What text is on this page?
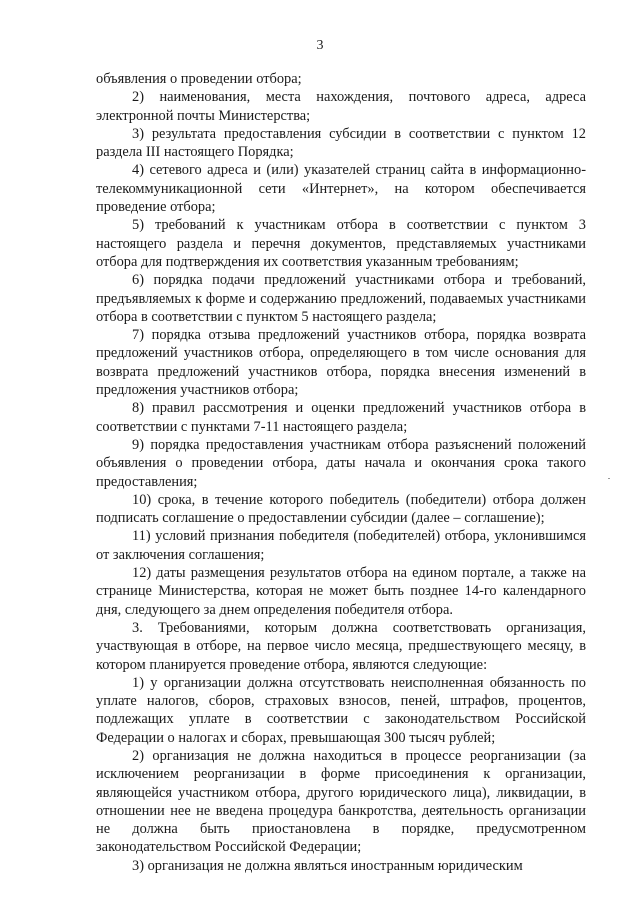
3

объявления о проведении отбора;

2) наименования, места нахождения, почтового адреса, адреса электронной почты Министерства;

3) результата предоставления субсидии в соответствии с пунктом 12 раздела III настоящего Порядка;

4) сетевого адреса и (или) указателей страниц сайта в информационно-телекоммуникационной сети «Интернет», на котором обеспечивается проведение отбора;

5) требований к участникам отбора в соответствии с пунктом 3 настоящего раздела и перечня документов, представляемых участниками отбора для подтверждения их соответствия указанным требованиям;

6) порядка подачи предложений участниками отбора и требований, предъявляемых к форме и содержанию предложений, подаваемых участниками отбора в соответствии с пунктом 5 настоящего раздела;

7) порядка отзыва предложений участников отбора, порядка возврата предложений участников отбора, определяющего в том числе основания для возврата предложений участников отбора, порядка внесения изменений в предложения участников отбора;

8) правил рассмотрения и оценки предложений участников отбора в соответствии с пунктами 7-11 настоящего раздела;

9) порядка предоставления участникам отбора разъяснений положений объявления о проведении отбора, даты начала и окончания срока такого предоставления;

10) срока, в течение которого победитель (победители) отбора должен подписать соглашение о предоставлении субсидии (далее – соглашение);

11) условий признания победителя (победителей) отбора, уклонившимся от заключения соглашения;

12) даты размещения результатов отбора на едином портале, а также на странице Министерства, которая не может быть позднее 14-го календарного дня, следующего за днем определения победителя отбора.

3. Требованиями, которым должна соответствовать организация, участвующая в отборе, на первое число месяца, предшествующего месяцу, в котором планируется проведение отбора, являются следующие:

1) у организации должна отсутствовать неисполненная обязанность по уплате налогов, сборов, страховых взносов, пеней, штрафов, процентов, подлежащих уплате в соответствии с законодательством Российской Федерации о налогах и сборах, превышающая 300 тысяч рублей;

2) организация не должна находиться в процессе реорганизации (за исключением реорганизации в форме присоединения к организации, являющейся участником отбора, другого юридического лица), ликвидации, в отношении нее не введена процедура банкротства, деятельность организации не должна быть приостановлена в порядке, предусмотренном законодательством Российской Федерации;

3) организация не должна являться иностранным юридическим
